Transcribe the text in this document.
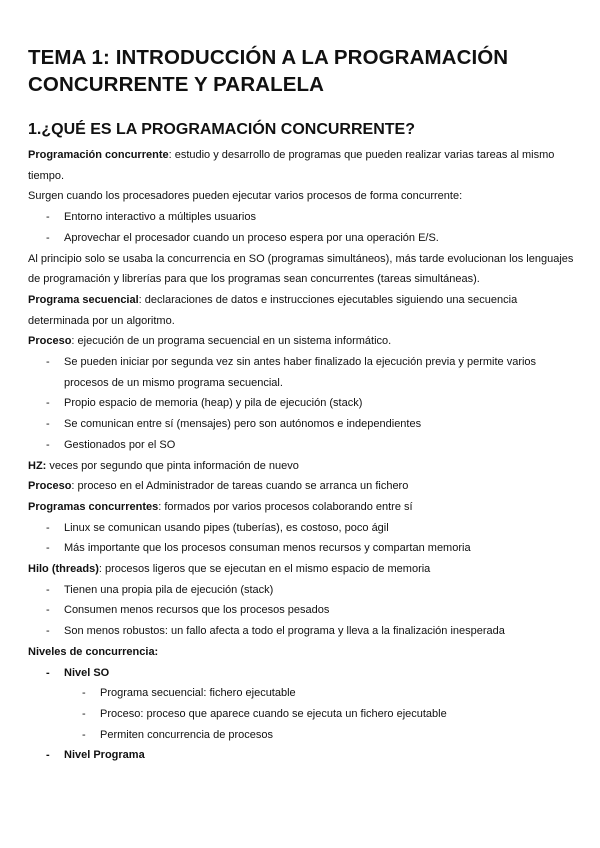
TEMA 1: INTRODUCCIÓN A LA PROGRAMACIÓN
CONCURRENTE Y PARALELA
1.¿QUÉ ES LA PROGRAMACIÓN CONCURRENTE?

Programación concurrente: estudio y desarrollo de programas que pueden realizar varias tareas al mismo tiempo.

Surgen cuando los procesadores pueden ejecutar varios procesos de forma concurrente:

- Entorno interactivo a múltiples usuarios
- Aprovechar el procesador cuando un proceso espera por una operación E/S.

Al principio solo se usaba la concurrencia en SO (programas simultáneos), más tarde evolucionan los lenguajes de programación y librerías para que los programas sean concurrentes (tareas simultáneas).

Programa secuencial: declaraciones de datos e instrucciones ejecutables siguiendo una secuencia determinada por un algoritmo.

Proceso: ejecución de un programa secuencial en un sistema informático.

- Se pueden iniciar por segunda vez sin antes haber finalizado la ejecución previa y permite varios procesos de un mismo programa secuencial.
- Propio espacio de memoria (heap) y pila de ejecución (stack)
- Se comunican entre sí (mensajes) pero son autónomos e independientes
- Gestionados por el SO

HZ: veces por segundo que pinta información de nuevo

Proceso: proceso en el Administrador de tareas cuando se arranca un fichero

Programas concurrentes: formados por varios procesos colaborando entre sí

- Linux se comunican usando pipes (tuberías), es costoso, poco ágil
- Más importante que los procesos consuman menos recursos y compartan memoria

Hilo (threads): procesos ligeros que se ejecutan en el mismo espacio de memoria

- Tienen una propia pila de ejecución (stack)
- Consumen menos recursos que los procesos pesados
- Son menos robustos: un fallo afecta a todo el programa y lleva a la finalización inesperada

Niveles de concurrencia:

- Nivel SO
- Programa secuencial: fichero ejecutable
- Proceso: proceso que aparece cuando se ejecuta un fichero ejecutable
- Permiten concurrencia de procesos
- Nivel Programa
